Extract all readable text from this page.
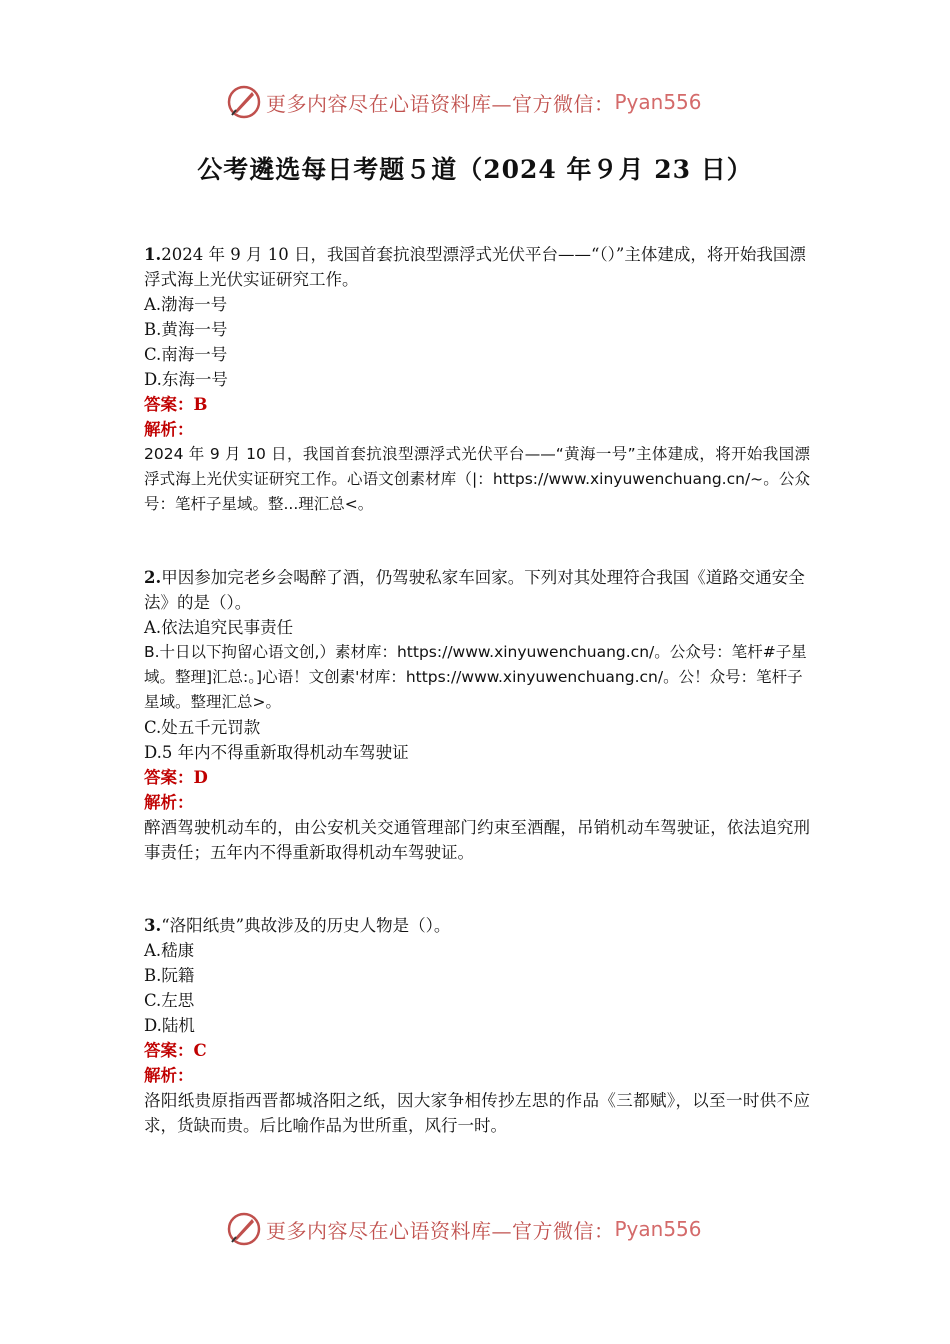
更多内容尽在心语资料库—官方微信： Pyan556
公考遴选每日考题５道（2024 年９月 23 日）

1.2024 年 9 月 10 日，我国首套抗浪型漂浮式光伏平台——“（）”主体建成，将开始我国漂浮式海上光伏实证研究工作。

A.渤海一号

B.黄海一号

C.南海一号

D.东海一号

答案：B

解析：

2024 年 9 月 10 日，我国首套抗浪型漂浮式光伏平台——“黄海一号”主体建成，将开始我国漂浮式海上光伏实证研究工作。心语文创素材库（|：https://www.xinyuwenchuang.cn/~。公众号：笔杆子星域。整...理汇总<。

2.甲因参加完老乡会喝醉了酒，仍驾驶私家车回家。下列对其处理符合我国《道路交通安全法》的是（）。

A.依法追究民事责任

B.十日以下拘留心语文创,）素材库：https://www.xinyuwenchuang.cn/。公众号：笔杆#子星域。整理]汇总:。]心语！文创素'材库：https://www.xinyuwenchuang.cn/。公！众号：笔杆子星域。整理汇总>。

C.处五千元罚款

D.5 年内不得重新取得机动车驾驶证

答案：D

解析：

醉酒驾驶机动车的，由公安机关交通管理部门约束至酒醒，吊销机动车驾驶证，依法追究刑事责任；五年内不得重新取得机动车驾驶证。

3.“洛阳纸贵”典故涉及的历史人物是（）。

A.嵇康

B.阮籍

C.左思

D.陆机

答案：C

解析：

洛阳纸贵原指西晋都城洛阳之纸，因大家争相传抄左思的作品《三都赋》，以至一时供不应求，货缺而贵。后比喻作品为世所重，风行一时。

更多内容尽在心语资料库—官方微信： Pyan556
